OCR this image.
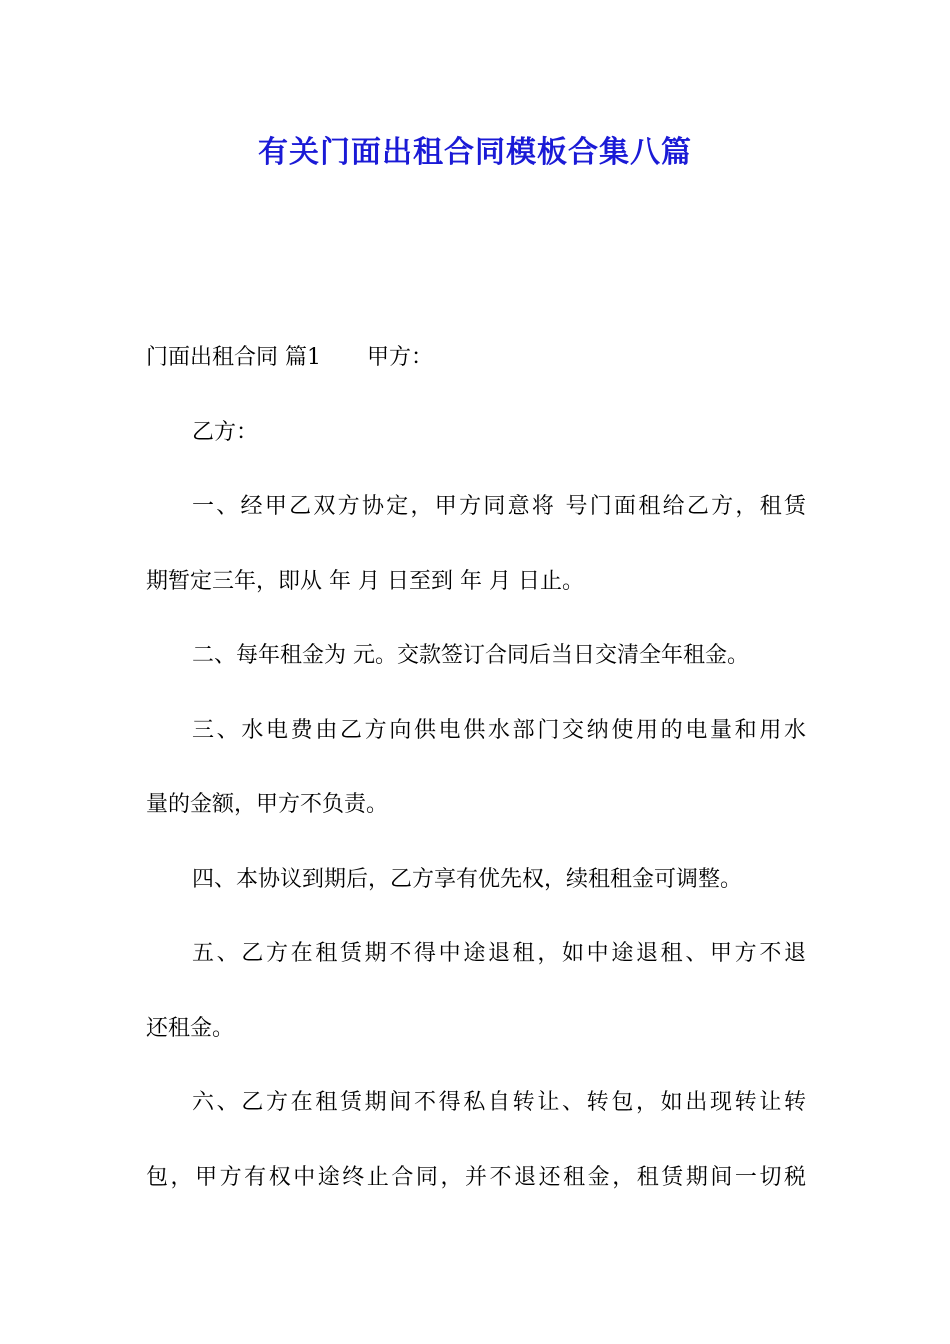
有关门面出租合同模板合集八篇
门面出租合同 篇1 甲方：
乙方：
一、经甲乙双方协定，甲方同意将 号门面租给乙方，租赁
期暂定三年，即从 年 月 日至到 年 月 日止。
二、每年租金为 元。交款签订合同后当日交清全年租金。
三、水电费由乙方向供电供水部门交纳使用的电量和用水
量的金额，甲方不负责。
四、本协议到期后，乙方享有优先权，续租租金可调整。
五、乙方在租赁期不得中途退租，如中途退租、甲方不退
还租金。
六、乙方在租赁期间不得私自转让、转包，如出现转让转
包，甲方有权中途终止合同，并不退还租金，租赁期间一切税
